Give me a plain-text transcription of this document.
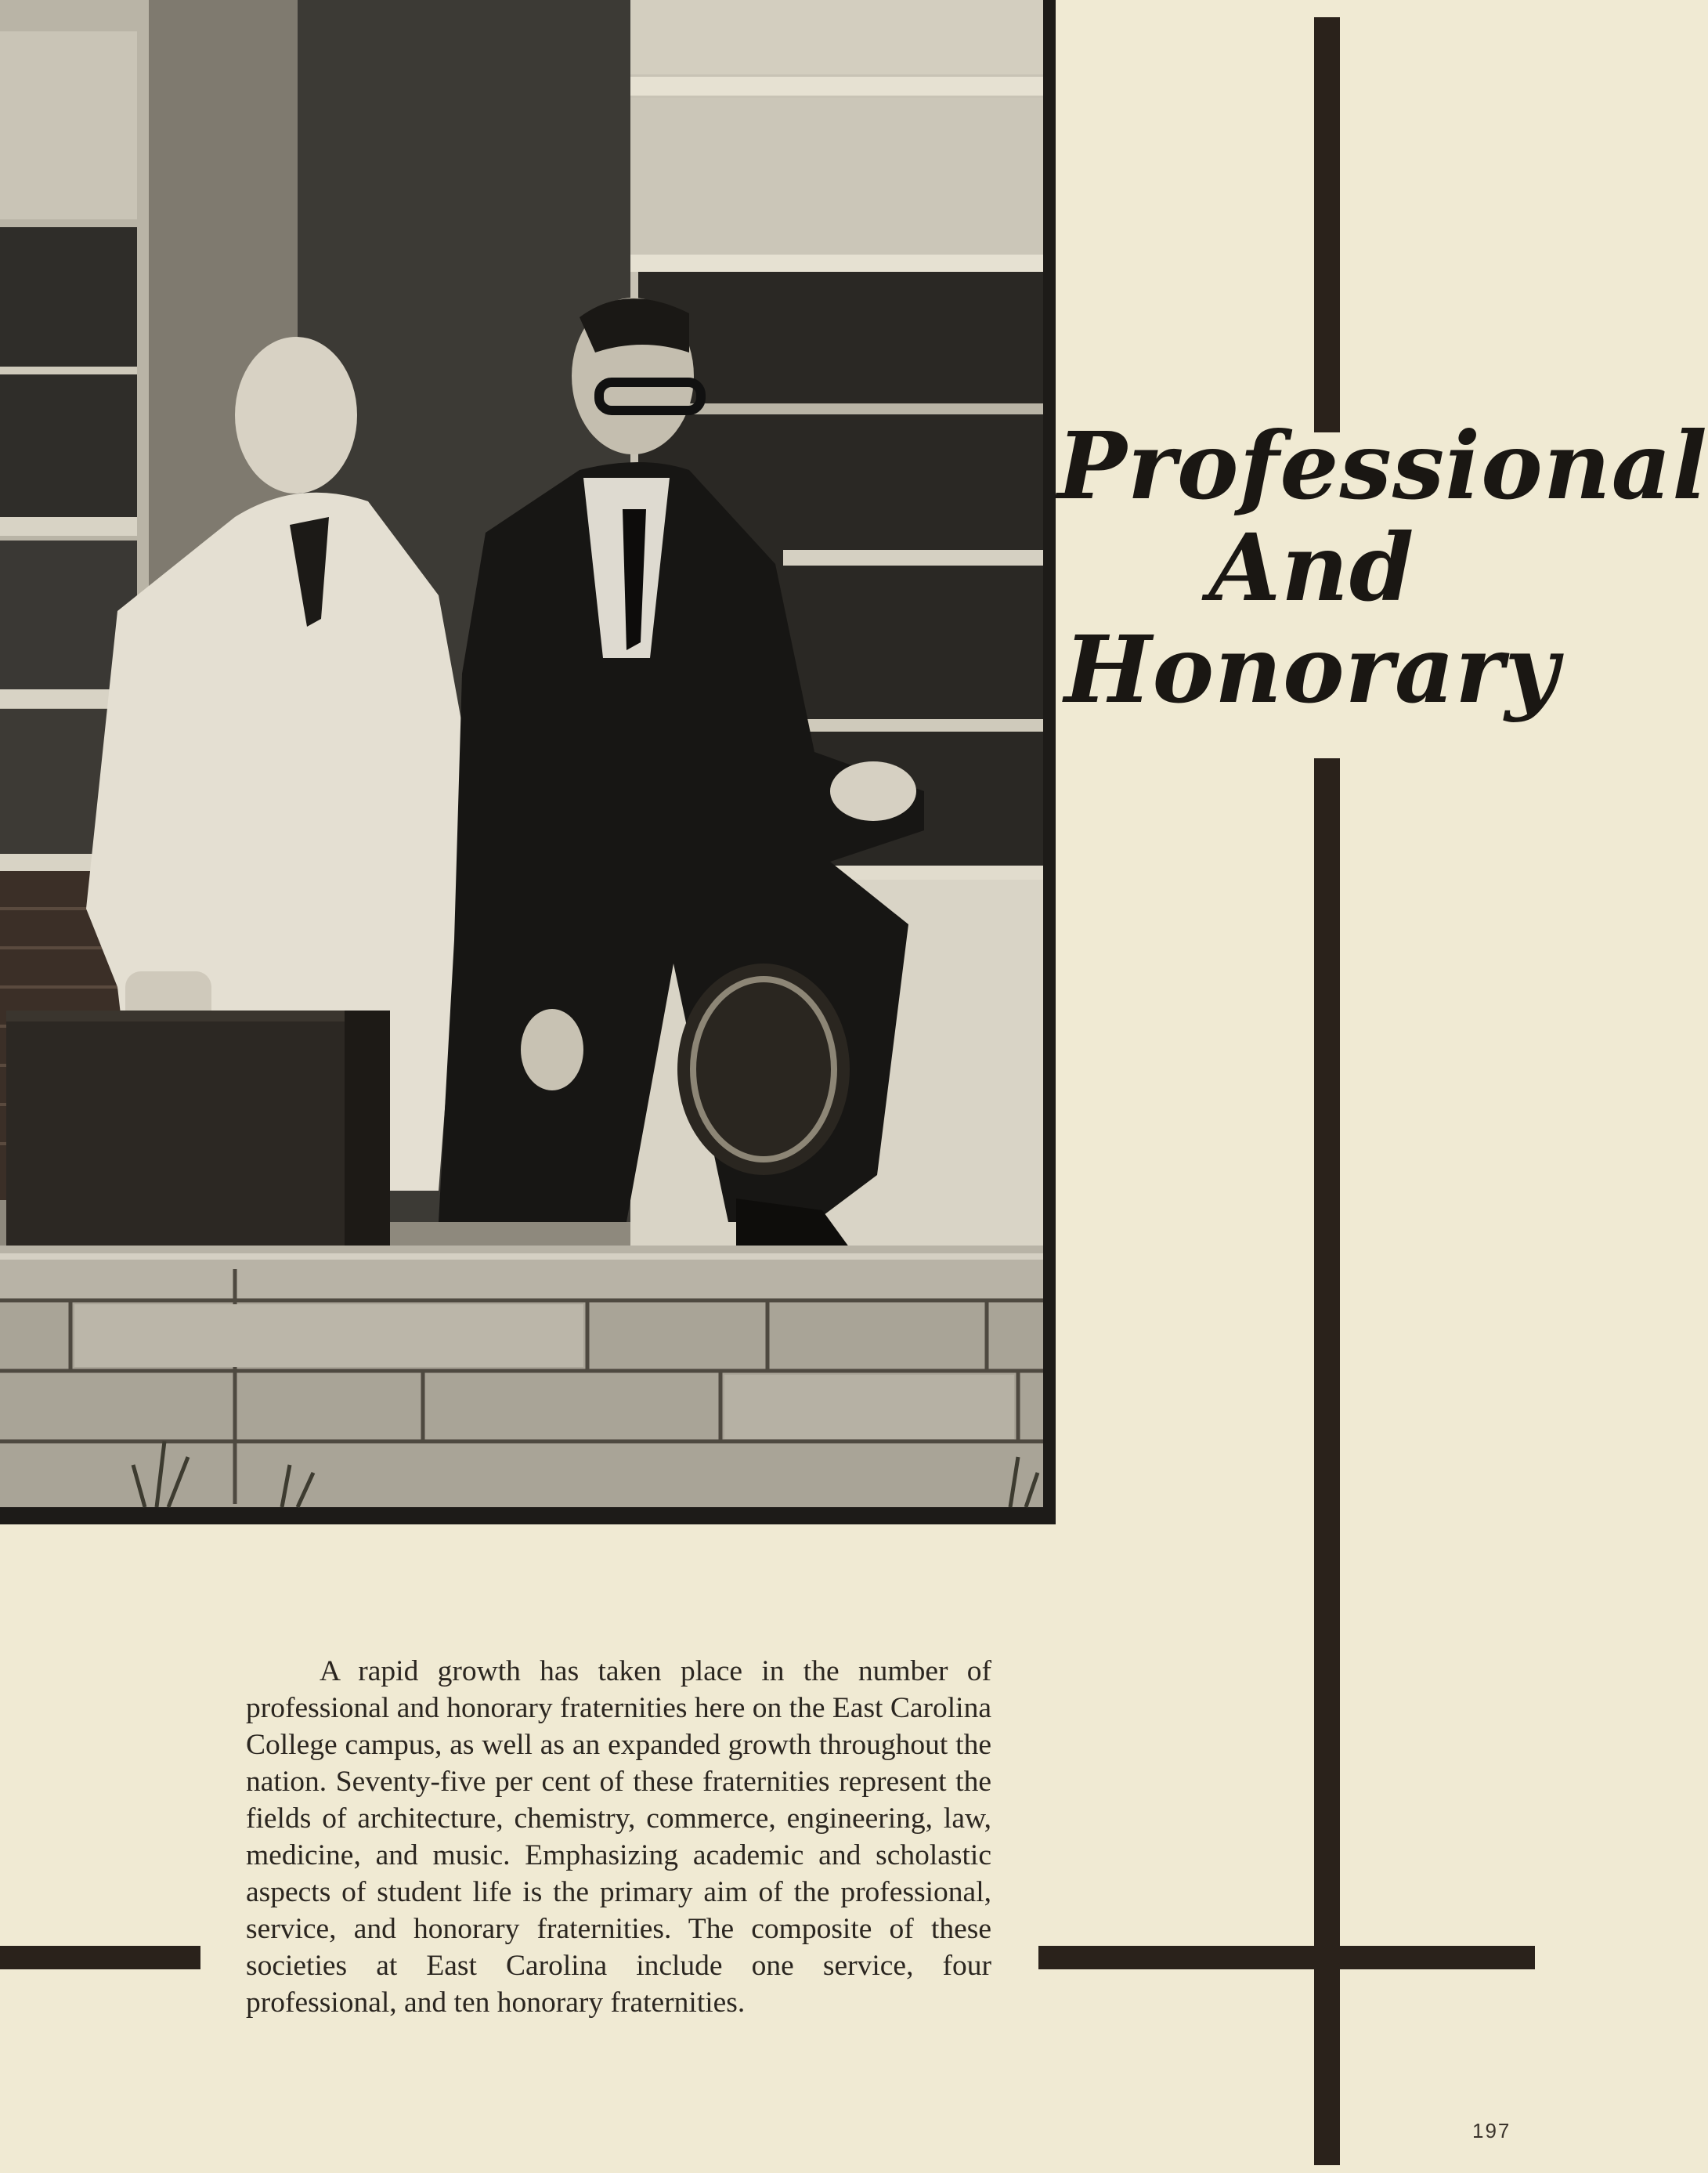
Professional
And
Honorary

A rapid growth has taken place in the number of professional and honorary fraternities here on the East Carolina College campus, as well as an expanded growth throughout the nation. Seventy-five per cent of these fraternities represent the fields of architecture, chemistry, commerce, engineering, law, medicine, and music. Emphasizing academic and scholastic aspects of student life is the primary aim of the professional, service, and honorary fraternities. The composite of these societies at East Carolina include one service, four professional, and ten honorary fraternities.

197
